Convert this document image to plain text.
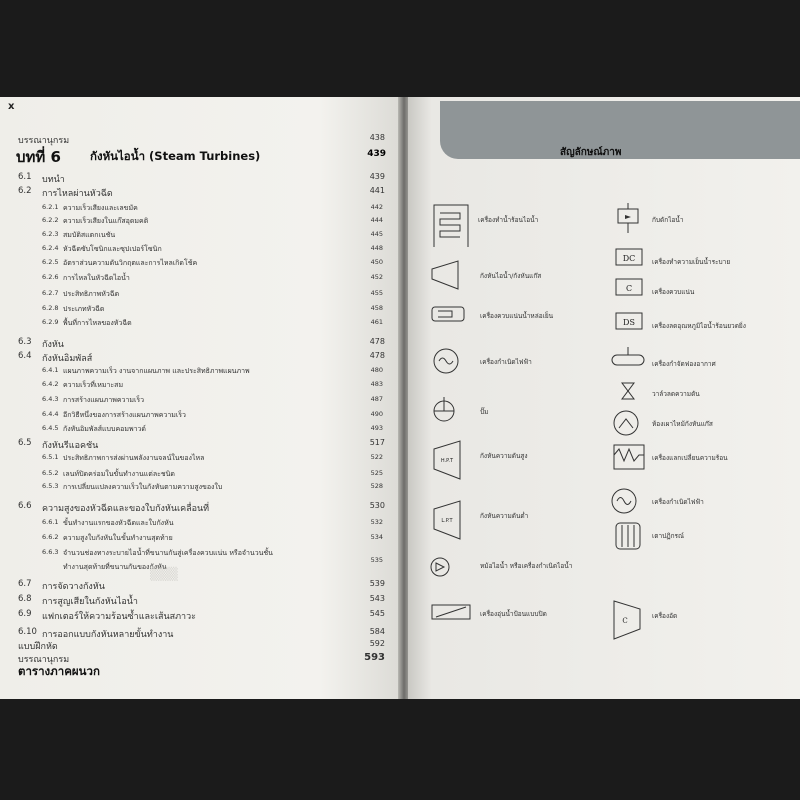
x
บรรณานุกรม	438
บทที่ 6	กังหันไอน้ำ (Steam Turbines)	439
6.1 บทนำ	439
6.2 การไหลผ่านหัวฉีด	441
6.2.1 ความเร็วเสียงและเลขมัค	442
6.2.2 ความเร็วเสียงในแก๊สอุดมคติ	444
6.2.3 สมบัติสแตกเนชัน	445
6.2.4 หัวฉีดซับโซนิกและซุปเปอร์โซนิก	448
6.2.5 อัตราส่วนความดันวิกฤตและการไหลเกิดโช้ค	450
6.2.6 การไหลในหัวฉีดไอน้ำ	452
6.2.7 ประสิทธิภาพหัวฉีด	455
6.2.8 ประเภทหัวฉีด	458
6.2.9 พื้นที่การไหลของหัวฉีด	461
6.3 กังหัน	478
6.4 กังหันอิมพัลส์	478
6.4.1 แผนภาพความเร็ว งานจากแผนภาพ และประสิทธิภาพแผนภาพ	480
6.4.2 ความเร็วที่เหมาะสม	483
6.4.3 การสร้างแผนภาพความเร็ว	487
6.4.4 อีกวิธีหนึ่งของการสร้างแผนภาพความเร็ว	490
6.4.5 กังหันอิมพัลส์แบบคอมพาวด์	493
6.5 กังหันรีแอคชัน	517
6.5.1 ประสิทธิภาพการส่งผ่านพลังงานจลน์ในของไหล	522
6.5.2 เลนท์ปิดคร่อมในขั้นทำงานแต่ละชนิด	525
6.5.3 การเปลี่ยนแปลงความเร็วในกังหันตามความสูงของใบ	528
6.6 ความสูงของหัวฉีดและของใบกังหันเคลื่อนที่	530
6.6.1 ขั้นทำงานแรกของหัวฉีดและใบกังหัน	532
6.6.2 ความสูงใบกังหันในขั้นทำงานสุดท้าย	534
6.6.3 จำนวนช่องทางระบายไอน้ำที่ขนานกันสู่เครื่องควบแน่น หรือจำนวนชั้น
ทำงานสุดท้ายที่ขนานกันของกังหัน
535
6.7 การจัดวางกังหัน	539
6.8 การสูญเสียในกังหันไอน้ำ	543
6.9 แฟกเตอร์ให้ความร้อนซ้ำและเส้นสภาวะ	545
6.10 การออกแบบกังหันหลายขั้นทำงาน	584
แบบฝึกหัด	592
บรรณานุกรม	593
ตารางภาคผนวก
▒▒▒
สัญลักษณ์ภาพ
เครื่องทำน้ำร้อนไอน้ำ	กับดักไอน้ำ
DC	เครื่องทำความเย็นน้ำระบาย
กังหันไอน้ำ/กังหันแก๊ส
C	เครื่องควบแน่น
เครื่องควบแน่นน้ำหล่อเย็น
DS	เครื่องลดอุณหภูมิไอน้ำร้อนยวดยิ่ง
เครื่องกำจัดฟองอากาศ
เครื่องกำเนิดไฟฟ้า
วาล์วลดความดัน
ปั๊ม
ห้องเผาไหม้กังหันแก๊ส
H.P.T
กังหันความดันสูง	เครื่องแลกเปลี่ยนความร้อน
เครื่องกำเนิดไฟฟ้า
L.P.T
กังหันความดันต่ำ
เตาปฏิกรณ์
หม้อไอน้ำ หรือเครื่องกำเนิดไอน้ำ
C
เครื่องอัด
เครื่องอุ่นน้ำป้อนแบบปิด
